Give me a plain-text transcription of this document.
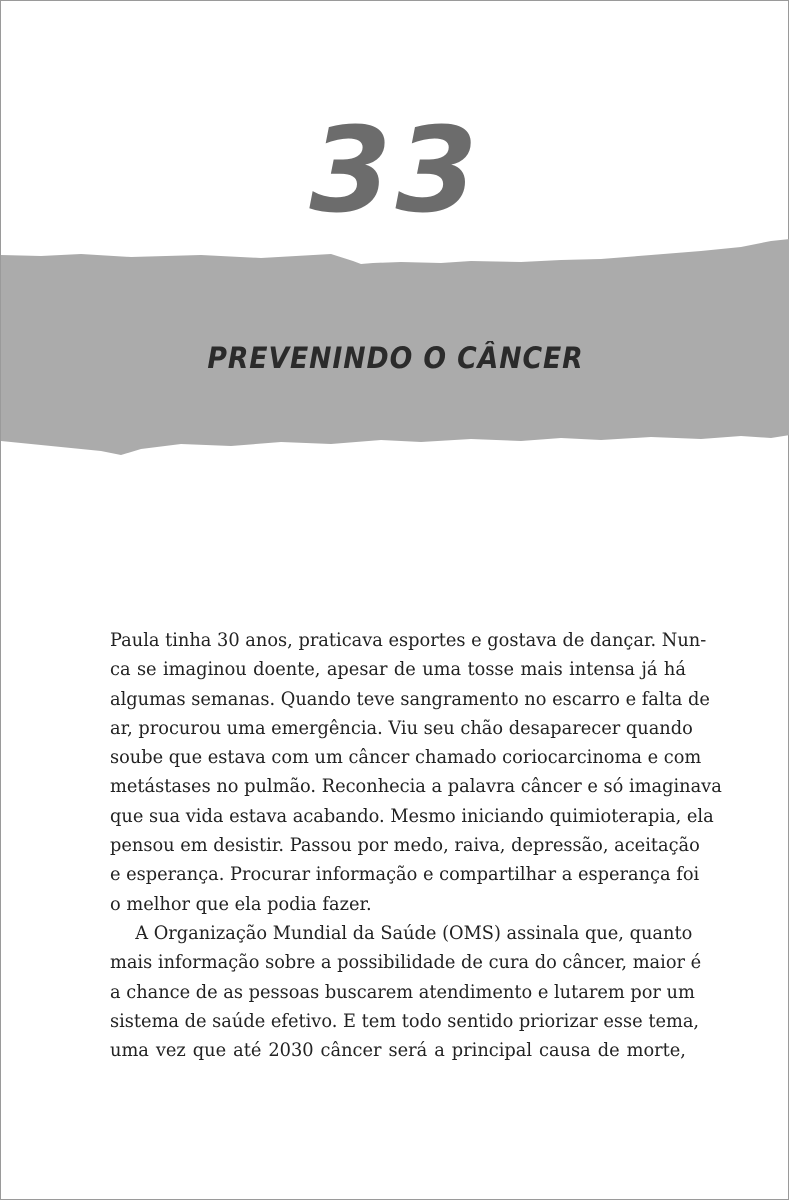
33
PREVENINDO O CÂNCER

Paula tinha 30 anos, praticava esportes e gostava de dançar. Nun-
ca se imaginou doente, apesar de uma tosse mais intensa já há
algumas semanas. Quando teve sangramento no escarro e falta de
ar, procurou uma emergência. Viu seu chão desaparecer quando
soube que estava com um câncer chamado coriocarcinoma e com
metástases no pulmão. Reconhecia a palavra câncer e só imaginava
que sua vida estava acabando. Mesmo iniciando quimioterapia, ela
pensou em desistir. Passou por medo, raiva, depressão, aceitação
e esperança. Procurar informação e compartilhar a esperança foi
o melhor que ela podia fazer.

A Organização Mundial da Saúde (OMS) assinala que, quanto
mais informação sobre a possibilidade de cura do câncer, maior é
a chance de as pessoas buscarem atendimento e lutarem por um
sistema de saúde efetivo. E tem todo sentido priorizar esse tema,
uma vez que até 2030 câncer será a principal causa de morte,
